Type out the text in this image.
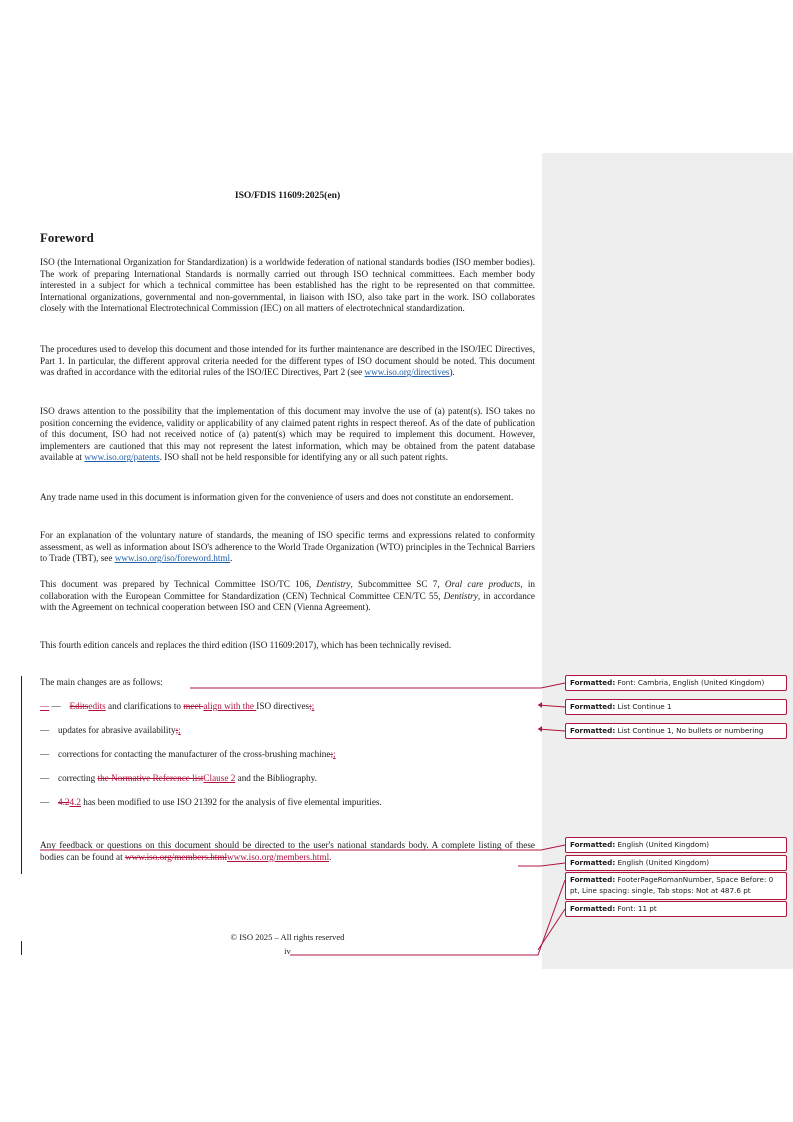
ISO/FDIS 11609:2025(en)
Foreword
ISO (the International Organization for Standardization) is a worldwide federation of national standards bodies (ISO member bodies). The work of preparing International Standards is normally carried out through ISO technical committees. Each member body interested in a subject for which a technical committee has been established has the right to be represented on that committee. International organizations, governmental and non-governmental, in liaison with ISO, also take part in the work. ISO collaborates closely with the International Electrotechnical Commission (IEC) on all matters of electrotechnical standardization.
The procedures used to develop this document and those intended for its further maintenance are described in the ISO/IEC Directives, Part 1. In particular, the different approval criteria needed for the different types of ISO document should be noted. This document was drafted in accordance with the editorial rules of the ISO/IEC Directives, Part 2 (see www.iso.org/directives).
ISO draws attention to the possibility that the implementation of this document may involve the use of (a) patent(s). ISO takes no position concerning the evidence, validity or applicability of any claimed patent rights in respect thereof. As of the date of publication of this document, ISO had not received notice of (a) patent(s) which may be required to implement this document. However, implementers are cautioned that this may not represent the latest information, which may be obtained from the patent database available at www.iso.org/patents. ISO shall not be held responsible for identifying any or all such patent rights.
Any trade name used in this document is information given for the convenience of users and does not constitute an endorsement.
For an explanation of the voluntary nature of standards, the meaning of ISO specific terms and expressions related to conformity assessment, as well as information about ISO's adherence to the World Trade Organization (WTO) principles in the Technical Barriers to Trade (TBT), see www.iso.org/iso/foreword.html.
This document was prepared by Technical Committee ISO/TC 106, Dentistry, Subcommittee SC 7, Oral care products, in collaboration with the European Committee for Standardization (CEN) Technical Committee CEN/TC 55, Dentistry, in accordance with the Agreement on technical cooperation between ISO and CEN (Vienna Agreement).
This fourth edition cancels and replaces the third edition (ISO 11609:2017), which has been technically revised.
The main changes are as follows:
— — Editsedits and clarifications to meet align with the ISO directives;;
— updates for abrasive availability;;
— corrections for contacting the manufacturer of the cross-brushing machine;;
— correcting the Normative Reference listClause 2 and the Bibliography.
— 4.24.2 has been modified to use ISO 21392 for the analysis of five elemental impurities.
Any feedback or questions on this document should be directed to the user's national standards body. A complete listing of these bodies can be found at www.iso.org/members.htmlwww.iso.org/members.html.
© ISO 2025 – All rights reserved
iv
Formatted: Font: Cambria, English (United Kingdom)
Formatted: List Continue 1
Formatted: List Continue 1, No bullets or numbering
Formatted: English (United Kingdom)
Formatted: English (United Kingdom)
Formatted: FooterPageRomanNumber, Space Before: 0 pt, Line spacing: single, Tab stops: Not at 487.6 pt
Formatted: Font: 11 pt
